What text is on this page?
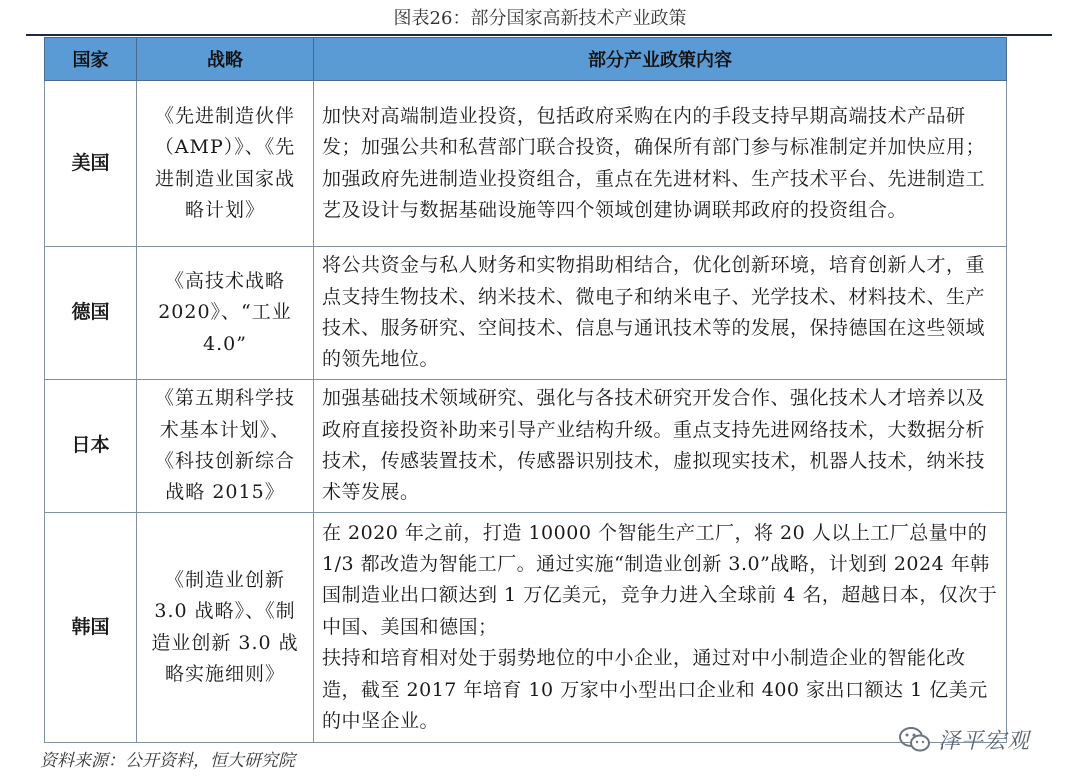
图表26：部分国家高新技术产业政策
国家	战略	部分产业政策内容
美国	《先进制造伙伴（AMP）》、《先进制造业国家战略计划》	加快对高端制造业投资，包括政府采购在内的手段支持早期高端技术产品研发；加强公共和私营部门联合投资，确保所有部门参与标准制定并加快应用；加强政府先进制造业投资组合，重点在先进材料、生产技术平台、先进制造工艺及设计与数据基础设施等四个领域创建协调联邦政府的投资组合。

德国	《高技术战略2020》、“工业4.0”	将公共资金与私人财务和实物捐助相结合，优化创新环境，培育创新人才，重点支持生物技术、纳米技术、微电子和纳米电子、光学技术、材料技术、生产技术、服务研究、空间技术、信息与通讯技术等的发展，保持德国在这些领域的领先地位。

日本	《第五期科学技术基本计划》、《科技创新综合战略 2015》	加强基础技术领域研究、强化与各技术研究开发合作、强化技术人才培养以及政府直接投资补助来引导产业结构升级。重点支持先进网络技术，大数据分析技术，传感装置技术，传感器识别技术，虚拟现实技术，机器人技术，纳米技术等发展。

韩国	《制造业创新3.0 战略》、《制造业创新 3.0 战略实施细则》	在 2020 年之前，打造 10000 个智能生产工厂，将 20 人以上工厂总量中的 1/3 都改造为智能工厂。通过实施“制造业创新 3.0”战略，计划到 2024 年韩国制造业出口额达到 1 万亿美元，竞争力进入全球前 4 名，超越日本，仅次于中国、美国和德国；
扶持和培育相对处于弱势地位的中小企业，通过对中小制造企业的智能化改造，截至 2017 年培育 10 万家中小型出口企业和 400 家出口额达 1 亿美元的中坚企业。
资料来源：公开资料，恒大研究院
泽平宏观
